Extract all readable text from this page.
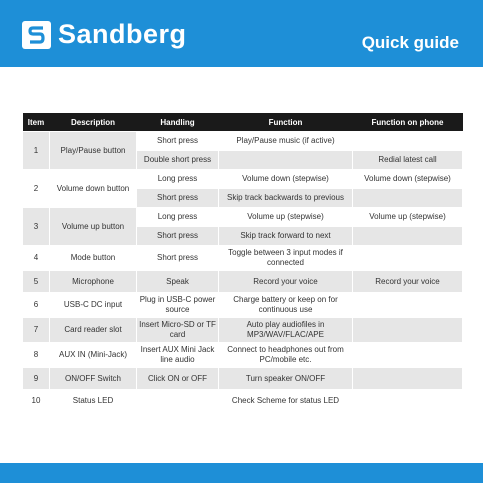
Sandberg	Quick guide
Item	Description	Handling	Function	Function on phone
1	Play/Pause button	Short press	Play/Pause music (if active)	
		Double short press		Redial latest call
2	Volume down button	Long press	Volume down (stepwise)	Volume down (stepwise)
		Short press	Skip track backwards to previous	
3	Volume up button	Long press	Volume up (stepwise)	Volume up (stepwise)
		Short press	Skip track forward to next	
4	Mode button	Short press	Toggle between 3 input modes if connected	
5	Microphone	Speak	Record your voice	Record your voice
6	USB-C DC input	Plug in USB-C power source	Charge battery or keep on for continuous use	
7	Card reader slot	Insert Micro-SD or TF card	Auto play audiofiles in MP3/WAV/FLAC/APE	
8	AUX IN (Mini-Jack)	Insert AUX Mini Jack line audio	Connect to headphones out from PC/mobile etc.	
9	ON/OFF Switch	Click ON or OFF	Turn speaker ON/OFF	
10	Status LED		Check Scheme for status LED	
